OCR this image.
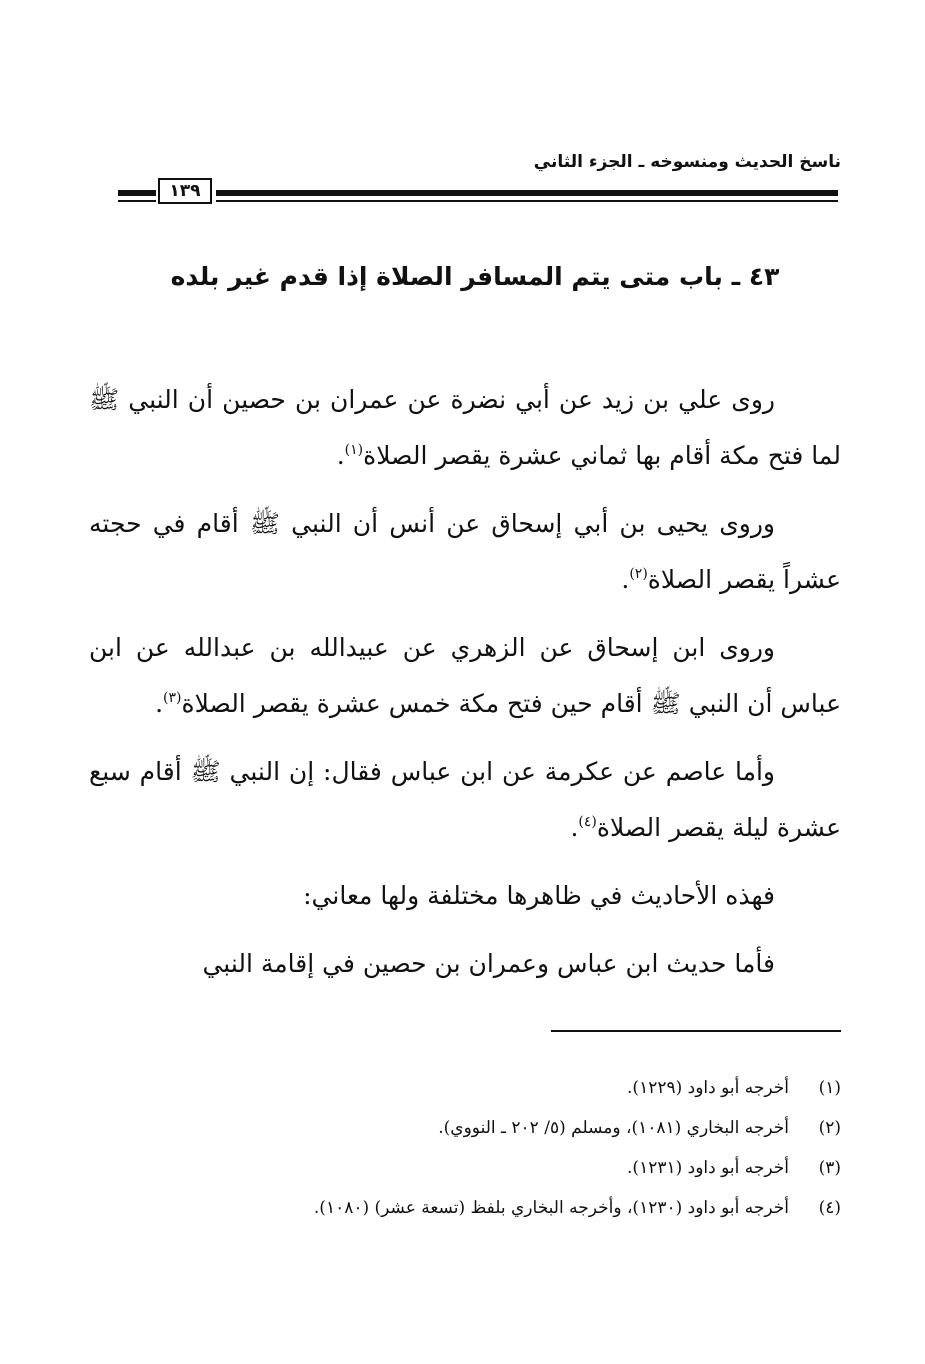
ناسخ الحديث ومنسوخه ـ الجزء الثاني
١٣٩
٤٣ ـ باب متى يتم المسافر الصلاة إذا قدم غير بلده

روى علي بن زيد عن أبي نضرة عن عمران بن حصين أن النبي ﷺ لما فتح مكة أقام بها ثماني عشرة يقصر الصلاة$^{(١)}$.

وروى يحيى بن أبي إسحاق عن أنس أن النبي ﷺ أقام في حجته عشراً يقصر الصلاة$^{(٢)}$.

وروى ابن إسحاق عن الزهري عن عبيدالله بن عبدالله عن ابن عباس أن النبي ﷺ أقام حين فتح مكة خمس عشرة يقصر الصلاة$^{(٣)}$.

وأما عاصم عن عكرمة عن ابن عباس فقال: إن النبي ﷺ أقام سبع عشرة ليلة يقصر الصلاة$^{(٤)}$.

فهذه الأحاديث في ظاهرها مختلفة ولها معاني:

فأما حديث ابن عباس وعمران بن حصين في إقامة النبي

(١)
أخرجه أبو داود (١٢٢٩).
(٢)
أخرجه البخاري (١٠٨١)، ومسلم (٥/ ٢٠٢ ـ النووي).
(٣)
أخرجه أبو داود (١٢٣١).
(٤)
أخرجه أبو داود (١٢٣٠)، وأخرجه البخاري بلفظ (تسعة عشر) (١٠٨٠).
